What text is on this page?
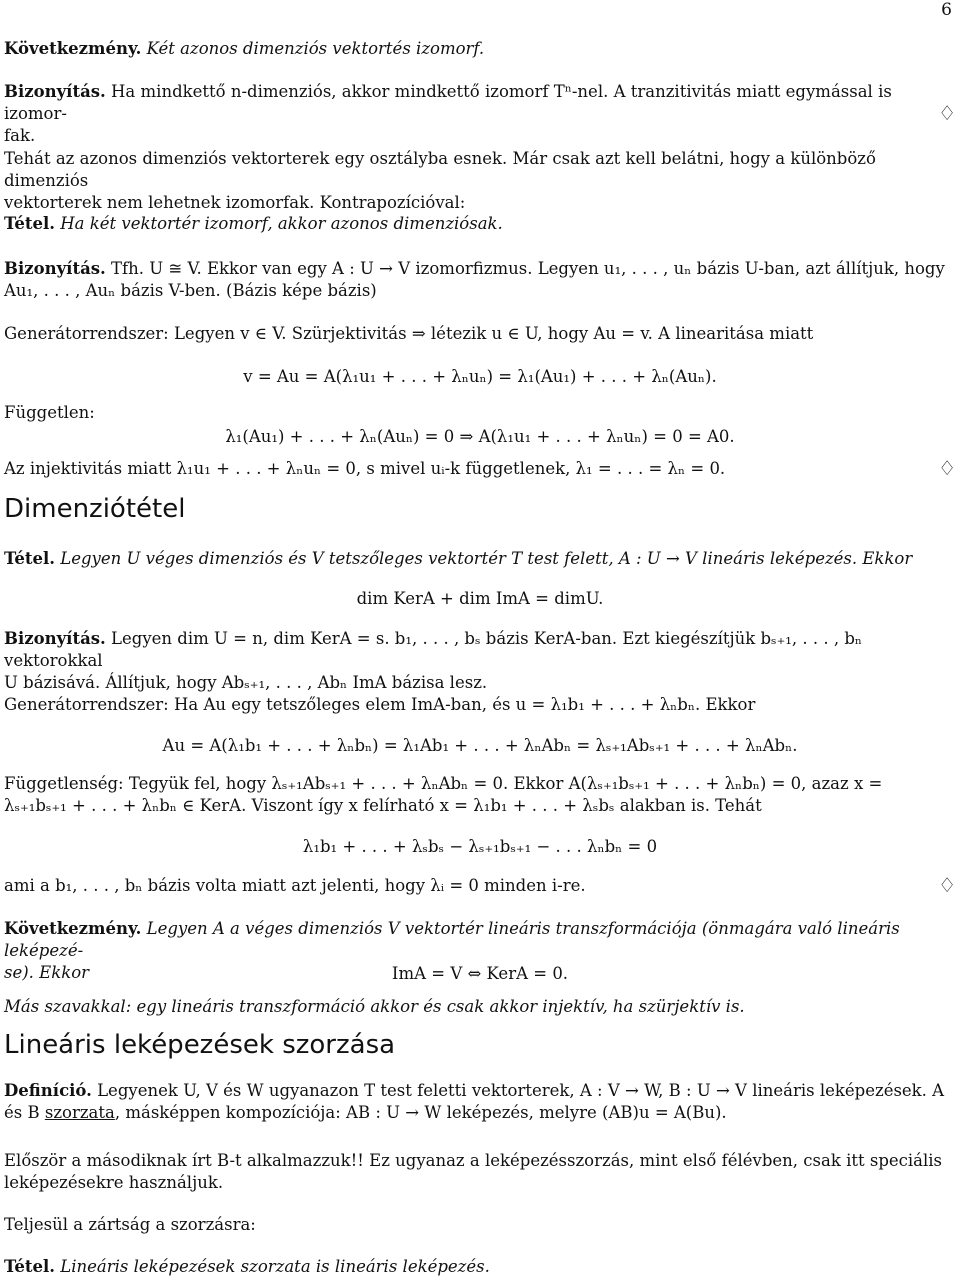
6

Következmény. Két azonos dimenziós vektortés izomorf.

Bizonyítás. Ha mindkettő n-dimenziós, akkor mindkettő izomorf Tⁿ-nel. A tranzitivitás miatt egymással is izomor-
fak.

♢

Tehát az azonos dimenziós vektorterek egy osztályba esnek. Már csak azt kell belátni, hogy a különböző dimenziós
vektorterek nem lehetnek izomorfak. Kontrapozícióval:

Tétel. Ha két vektortér izomorf, akkor azonos dimenziósak.

Bizonyítás. Tfh. U ≅ V. Ekkor van egy A : U → V izomorfizmus. Legyen u₁, . . . , uₙ bázis U-ban, azt állítjuk, hogy
Au₁, . . . , Auₙ bázis V-ben. (Bázis képe bázis)

Generátorrendszer: Legyen v ∈ V. Szürjektivitás ⇒ létezik u ∈ U, hogy Au = v. A linearitása miatt

v = Au = A(λ₁u₁ + . . . + λₙuₙ) = λ₁(Au₁) + . . . + λₙ(Auₙ).

Független:

λ₁(Au₁) + . . . + λₙ(Auₙ) = 0 ⇒ A(λ₁u₁ + . . . + λₙuₙ) = 0 = A0.

Az injektivitás miatt λ₁u₁ + . . . + λₙuₙ = 0, s mivel uᵢ-k függetlenek, λ₁ = . . . = λₙ = 0.	♢
Dimenziótétel

Tétel. Legyen U véges dimenziós és V tetszőleges vektortér T test felett, A : U → V lineáris leképezés. Ekkor

dim KerA + dim ImA = dimU.

Bizonyítás. Legyen dim U = n, dim KerA = s. b₁, . . . , bₛ bázis KerA-ban. Ezt kiegészítjük bₛ₊₁, . . . , bₙ vektorokkal
U bázisává. Állítjuk, hogy Abₛ₊₁, . . . , Abₙ ImA bázisa lesz.

Generátorrendszer: Ha Au egy tetszőleges elem ImA-ban, és u = λ₁b₁ + . . . + λₙbₙ. Ekkor

Au = A(λ₁b₁ + . . . + λₙbₙ) = λ₁Ab₁ + . . . + λₙAbₙ = λₛ₊₁Abₛ₊₁ + . . . + λₙAbₙ.

Függetlenség: Tegyük fel, hogy λₛ₊₁Abₛ₊₁ + . . . + λₙAbₙ = 0. Ekkor A(λₛ₊₁bₛ₊₁ + . . . + λₙbₙ) = 0, azaz x =
λₛ₊₁bₛ₊₁ + . . . + λₙbₙ ∈ KerA. Viszont így x felírható x = λ₁b₁ + . . . + λₛbₛ alakban is. Tehát

λ₁b₁ + . . . + λₛbₛ − λₛ₊₁bₛ₊₁ − . . . λₙbₙ = 0

ami a b₁, . . . , bₙ bázis volta miatt azt jelenti, hogy λᵢ = 0 minden i-re.	♢

Következmény. Legyen A a véges dimenziós V vektortér lineáris transzformációja (önmagára való lineáris leképezé-
se). Ekkor	ImA = V ⇔ KerA = 0.

Más szavakkal: egy lineáris transzformáció akkor és csak akkor injektív, ha szürjektív is.

Lineáris leképezések szorzása

Definíció. Legyenek U, V és W ugyanazon T test feletti vektorterek, A : V → W, B : U → V lineáris leképezések. A
és B szorzata, másképpen kompozíciója: AB : U → W leképezés, melyre (AB)u = A(Bu).

Először a másodiknak írt B-t alkalmazzuk!! Ez ugyanaz a leképezésszorzás, mint első félévben, csak itt speciális
leképezésekre használjuk.

Teljesül a zártság a szorzásra:

Tétel. Lineáris leképezések szorzata is lineáris leképezés.
